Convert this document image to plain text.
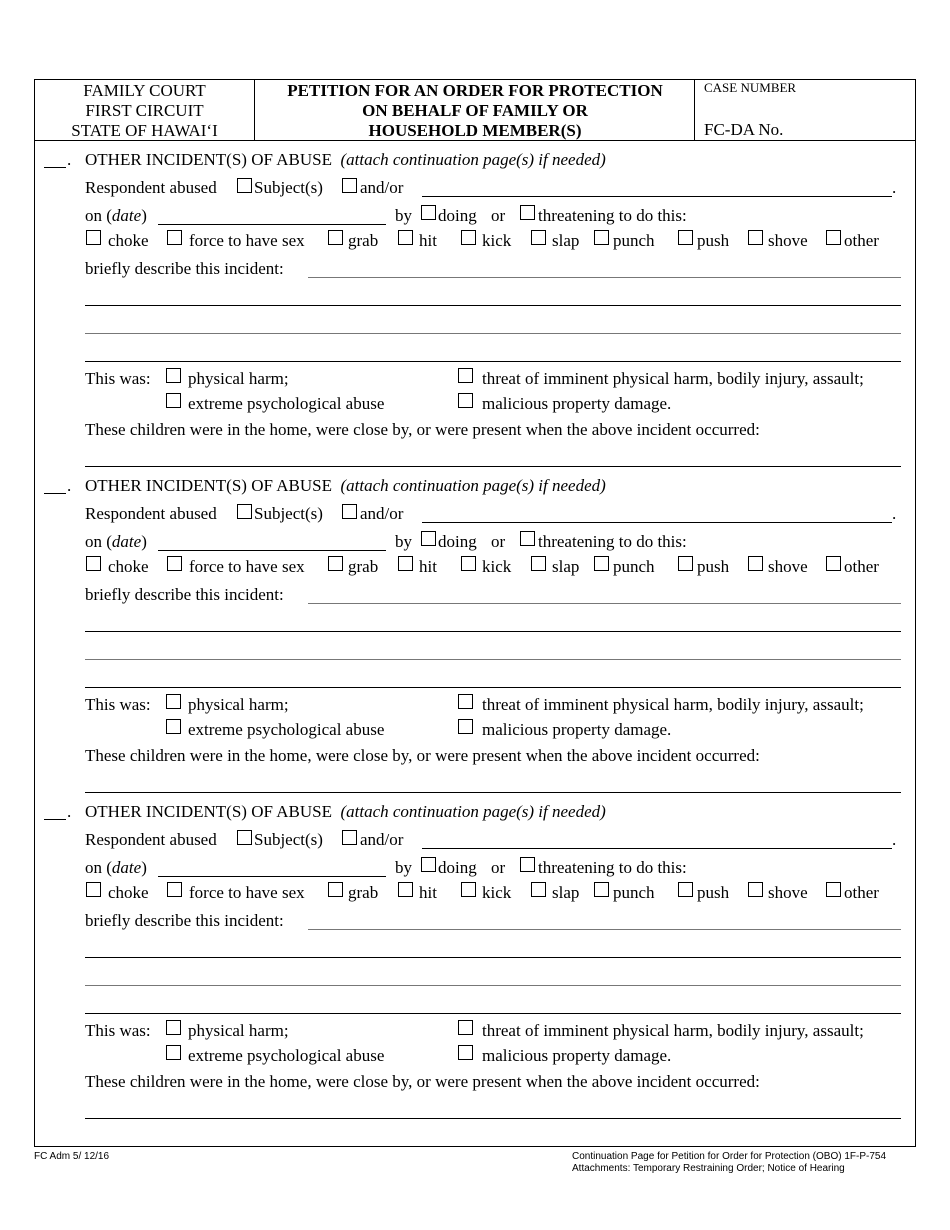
FAMILY COURT
FIRST CIRCUIT
STATE OF HAWAI‘I
PETITION FOR AN ORDER FOR PROTECTION
ON BEHALF OF FAMILY OR
HOUSEHOLD MEMBER(S)
CASE NUMBER
FC-DA No.
. OTHER INCIDENT(S) OF ABUSE (attach continuation page(s) if needed)
Respondent abused Subject(s) and/or	.
on (date)	by doing or threatening to do this:
choke force to have sex	grab hit	kick slap punch push shove other
briefly describe this incident:
This was: physical harm;	threat of imminent physical harm, bodily injury, assault;
extreme psychological abuse	malicious property damage.
These children were in the home, were close by, or were present when the above incident occurred:
. OTHER INCIDENT(S) OF ABUSE (attach continuation page(s) if needed)
Respondent abused Subject(s) and/or	.
on (date)	by doing or threatening to do this:
choke force to have sex	grab hit	kick slap punch push shove other
briefly describe this incident:
This was: physical harm;	threat of imminent physical harm, bodily injury, assault;
extreme psychological abuse	malicious property damage.
These children were in the home, were close by, or were present when the above incident occurred:
. OTHER INCIDENT(S) OF ABUSE (attach continuation page(s) if needed)
Respondent abused Subject(s) and/or	.
on (date)	by doing or threatening to do this:
choke force to have sex	grab hit	kick slap punch push shove other
briefly describe this incident:
This was: physical harm;	threat of imminent physical harm, bodily injury, assault;
extreme psychological abuse	malicious property damage.
These children were in the home, were close by, or were present when the above incident occurred:
FC Adm 5/ 12/16	Continuation Page for Petition for Order for Protection (OBO) 1F-P-754
Attachments: Temporary Restraining Order; Notice of Hearing
